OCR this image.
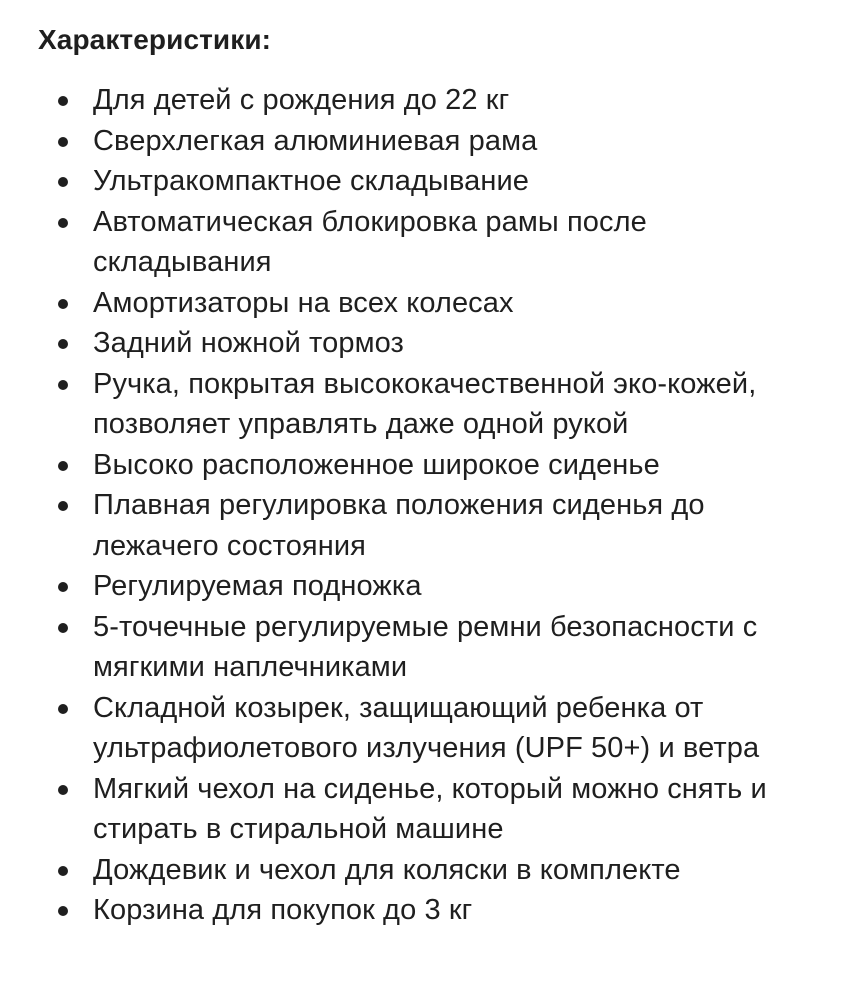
Характеристики:
Для детей с рождения до 22 кг
Сверхлегкая алюминиевая рама
Ультракомпактное складывание
Автоматическая блокировка рамы после складывания
Амортизаторы на всех колесах
Задний ножной тормоз
Ручка, покрытая высококачественной эко-кожей, позволяет управлять даже одной рукой
Высоко расположенное широкое сиденье
Плавная регулировка положения сиденья до лежачего состояния
Регулируемая подножка
5-точечные регулируемые ремни безопасности с мягкими наплечниками
Складной козырек, защищающий ребенка от ультрафиолетового излучения (UPF 50+) и ветра
Мягкий чехол на сиденье, который можно снять и стирать в стиральной машине
Дождевик и чехол для коляски в комплекте
Корзина для покупок до 3 кг
